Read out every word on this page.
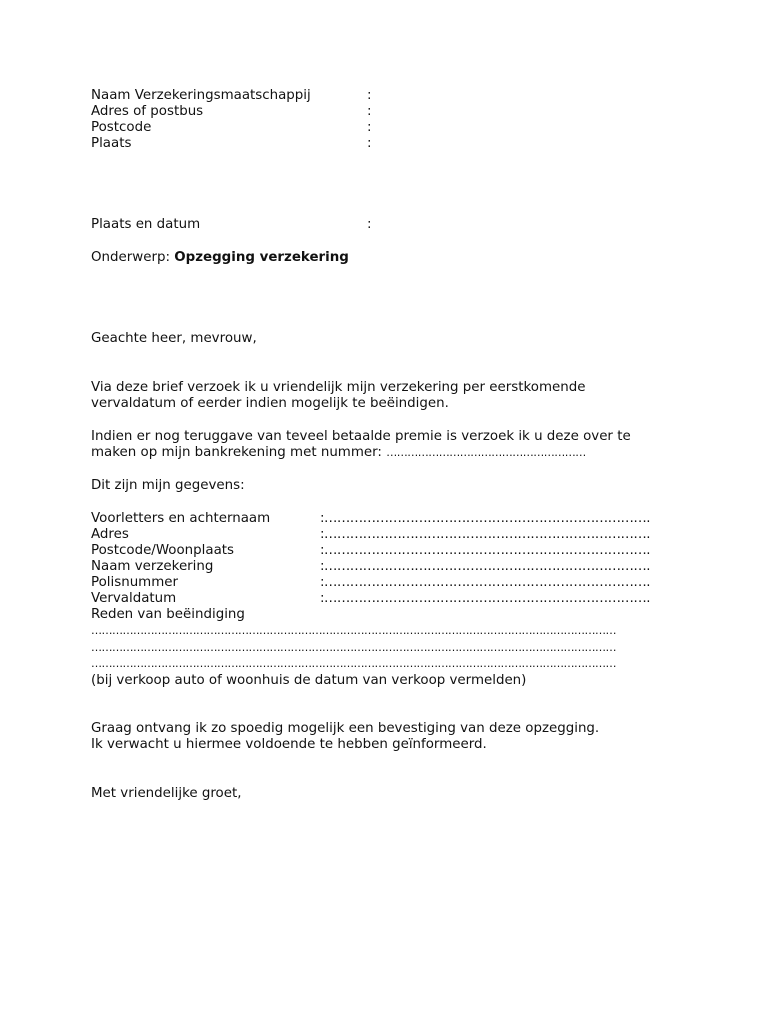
Naam Verzekeringsmaatschappij	:
Adres of postbus	:
Postcode	:
Plaats	:
Plaats en datum	:
Onderwerp: Opzegging verzekering
Geachte heer, mevrouw,
Via deze brief verzoek ik u vriendelijk mijn verzekering per eerstkomende
vervaldatum of eerder indien mogelijk te beëindigen.
Indien er nog teruggave van teveel betaalde premie is verzoek ik u deze over te
maken op mijn bankrekening met nummer: …………………………………………………
Dit zijn mijn gegevens:
Voorletters en achternaam	:………………………………………………………………….
Adres	:………………………………………………………………….
Postcode/Woonplaats	:………………………………………………………………….
Naam verzekering	:………………………………………………………………….
Polisnummer	:………………………………………………………………….
Vervaldatum	:………………………………………………………………….
Reden van beëindiging
……………………………………………………………………………………………………………………………………
……………………………………………………………………………………………………………………………………
……………………………………………………………………………………………………………………………………
(bij verkoop auto of woonhuis de datum van verkoop vermelden)
Graag ontvang ik zo spoedig mogelijk een bevestiging van deze opzegging.
Ik verwacht u hiermee voldoende te hebben geïnformeerd.
Met vriendelijke groet,
